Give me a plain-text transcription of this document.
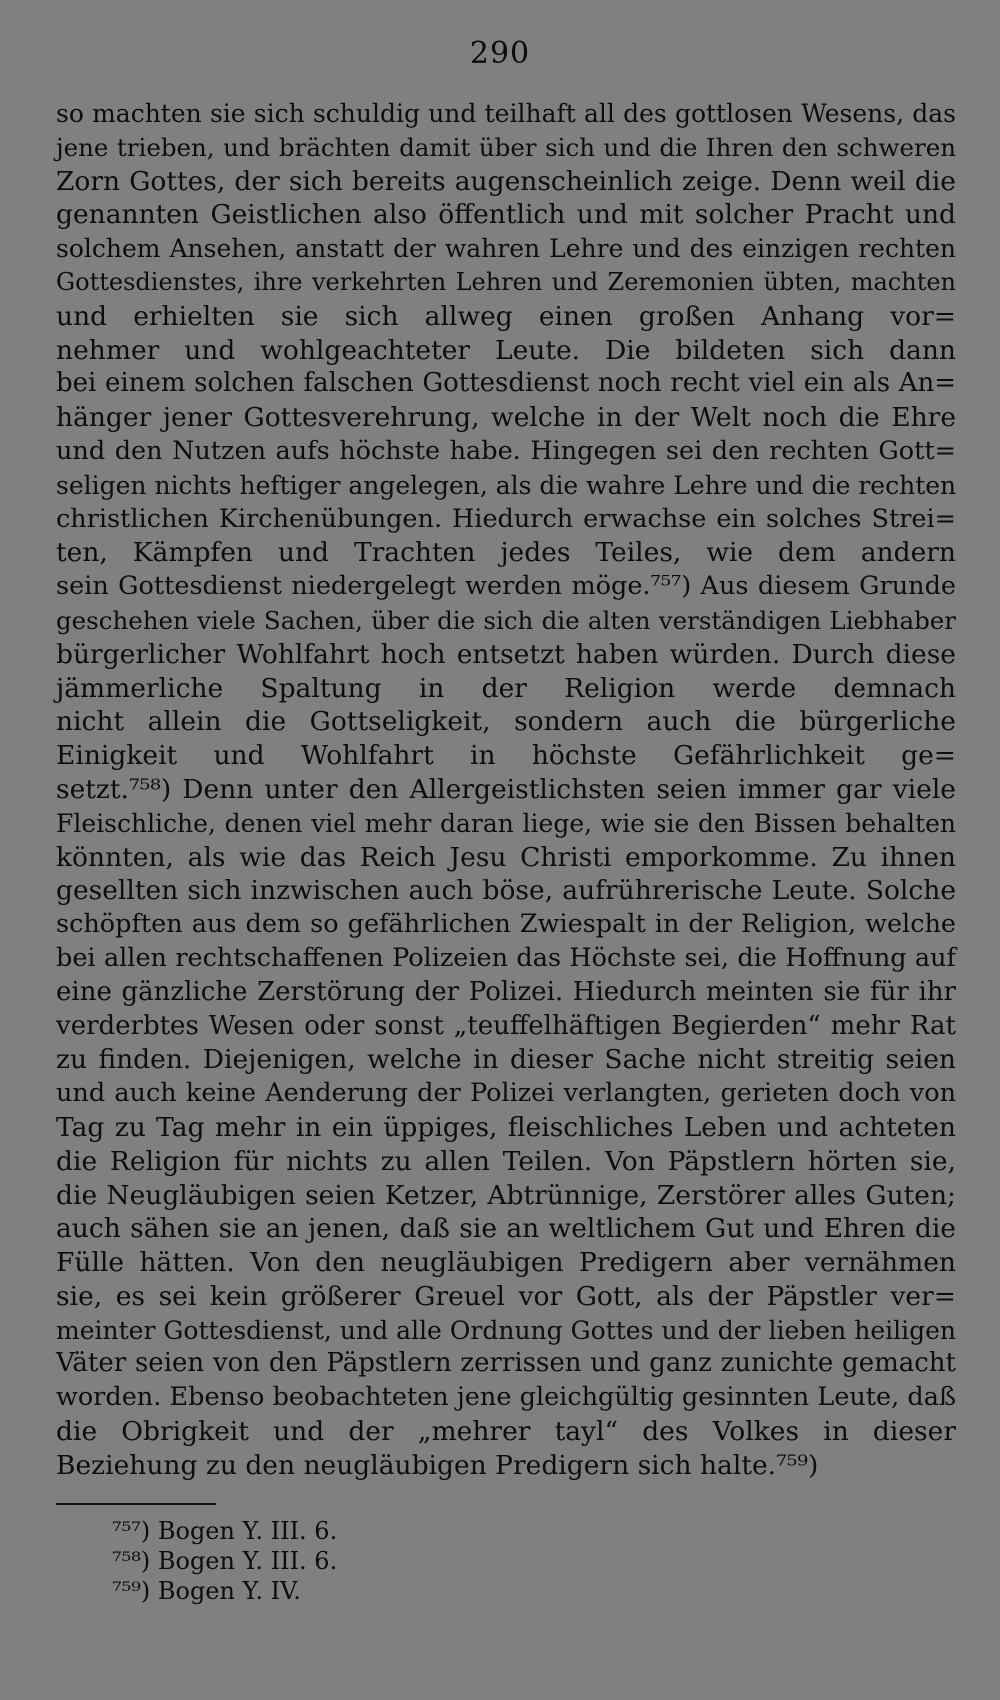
290
so machten sie sich schuldig und teilhaft all des gottlosen Wesens, das
jene trieben, und brächten damit über sich und die Ihren den schweren
Zorn Gottes, der sich bereits augenscheinlich zeige. Denn weil die
genannten Geistlichen also öffentlich und mit solcher Pracht und
solchem Ansehen, anstatt der wahren Lehre und des einzigen rechten
Gottesdienstes, ihre verkehrten Lehren und Zeremonien übten, machten
und erhielten sie sich allweg einen großen Anhang vor=
nehmer und wohlgeachteter Leute. Die bildeten sich dann
bei einem solchen falschen Gottesdienst noch recht viel ein als An=
hänger jener Gottesverehrung, welche in der Welt noch die Ehre
und den Nutzen aufs höchste habe. Hingegen sei den rechten Gott=
seligen nichts heftiger angelegen, als die wahre Lehre und die rechten
christlichen Kirchenübungen. Hiedurch erwachse ein solches Strei=
ten, Kämpfen und Trachten jedes Teiles, wie dem andern
sein Gottesdienst niedergelegt werden möge.⁷⁵⁷) Aus diesem Grunde
geschehen viele Sachen, über die sich die alten verständigen Liebhaber
bürgerlicher Wohlfahrt hoch entsetzt haben würden. Durch diese
jämmerliche Spaltung in der Religion werde demnach
nicht allein die Gottseligkeit, sondern auch die bürgerliche
Einigkeit und Wohlfahrt in höchste Gefährlichkeit ge=
setzt.⁷⁵⁸) Denn unter den Allergeistlichsten seien immer gar viele
Fleischliche, denen viel mehr daran liege, wie sie den Bissen behalten
könnten, als wie das Reich Jesu Christi emporkomme. Zu ihnen
gesellten sich inzwischen auch böse, aufrührerische Leute. Solche
schöpften aus dem so gefährlichen Zwiespalt in der Religion, welche
bei allen rechtschaffenen Polizeien das Höchste sei, die Hoffnung auf
eine gänzliche Zerstörung der Polizei. Hiedurch meinten sie für ihr
verderbtes Wesen oder sonst „teuffelhäftigen Begierden“ mehr Rat
zu finden. Diejenigen, welche in dieser Sache nicht streitig seien
und auch keine Aenderung der Polizei verlangten, gerieten doch von
Tag zu Tag mehr in ein üppiges, fleischliches Leben und achteten
die Religion für nichts zu allen Teilen. Von Päpstlern hörten sie,
die Neugläubigen seien Ketzer, Abtrünnige, Zerstörer alles Guten;
auch sähen sie an jenen, daß sie an weltlichem Gut und Ehren die
Fülle hätten. Von den neugläubigen Predigern aber vernähmen
sie, es sei kein größerer Greuel vor Gott, als der Päpstler ver=
meinter Gottesdienst, und alle Ordnung Gottes und der lieben heiligen
Väter seien von den Päpstlern zerrissen und ganz zunichte gemacht
worden. Ebenso beobachteten jene gleichgültig gesinnten Leute, daß
die Obrigkeit und der „mehrer tayl“ des Volkes in dieser
Beziehung zu den neugläubigen Predigern sich halte.⁷⁵⁹)
⁷⁵⁷) Bogen Y. III. 6.
⁷⁵⁸) Bogen Y. III. 6.
⁷⁵⁹) Bogen Y. IV.
